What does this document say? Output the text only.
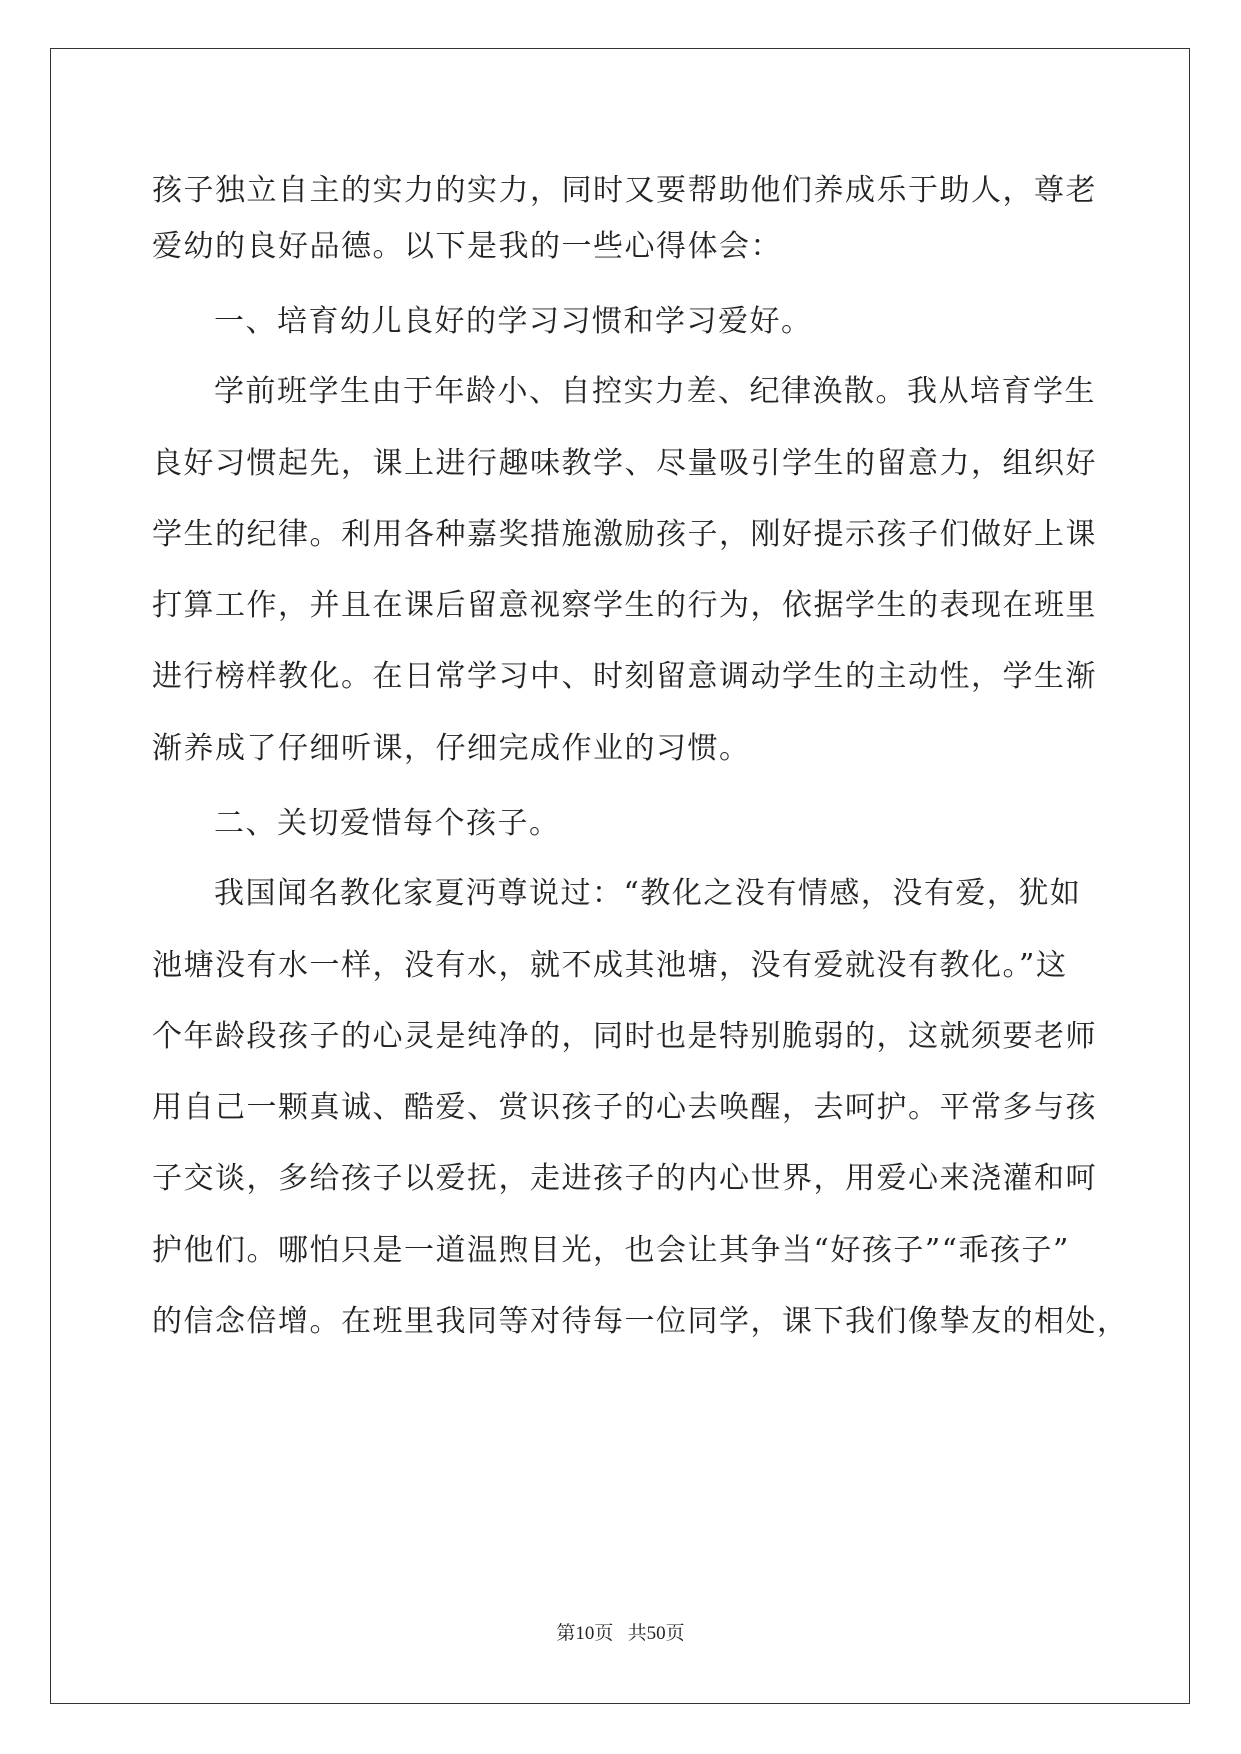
孩子独立自主的实力的实力，同时又要帮助他们养成乐于助人，尊老
爱幼的良好品德。以下是我的一些心得体会：
一、培育幼儿良好的学习习惯和学习爱好。
学前班学生由于年龄小、自控实力差、纪律涣散。我从培育学生
良好习惯起先，课上进行趣味教学、尽量吸引学生的留意力，组织好
学生的纪律。利用各种嘉奖措施激励孩子，刚好提示孩子们做好上课
打算工作，并且在课后留意视察学生的行为，依据学生的表现在班里
进行榜样教化。在日常学习中、时刻留意调动学生的主动性，学生渐
渐养成了仔细听课，仔细完成作业的习惯。
二、关切爱惜每个孩子。
我国闻名教化家夏沔尊说过：“教化之没有情感，没有爱，犹如
池塘没有水一样，没有水，就不成其池塘，没有爱就没有教化。”这
个年龄段孩子的心灵是纯净的，同时也是特别脆弱的，这就须要老师
用自己一颗真诚、酷爱、赏识孩子的心去唤醒，去呵护。平常多与孩
子交谈，多给孩子以爱抚，走进孩子的内心世界，用爱心来浇灌和呵
护他们。哪怕只是一道温煦目光，也会让其争当“好孩子”“乖孩子”
的信念倍增。在班里我同等对待每一位同学，课下我们像挚友的相处，
第10页 共50页
